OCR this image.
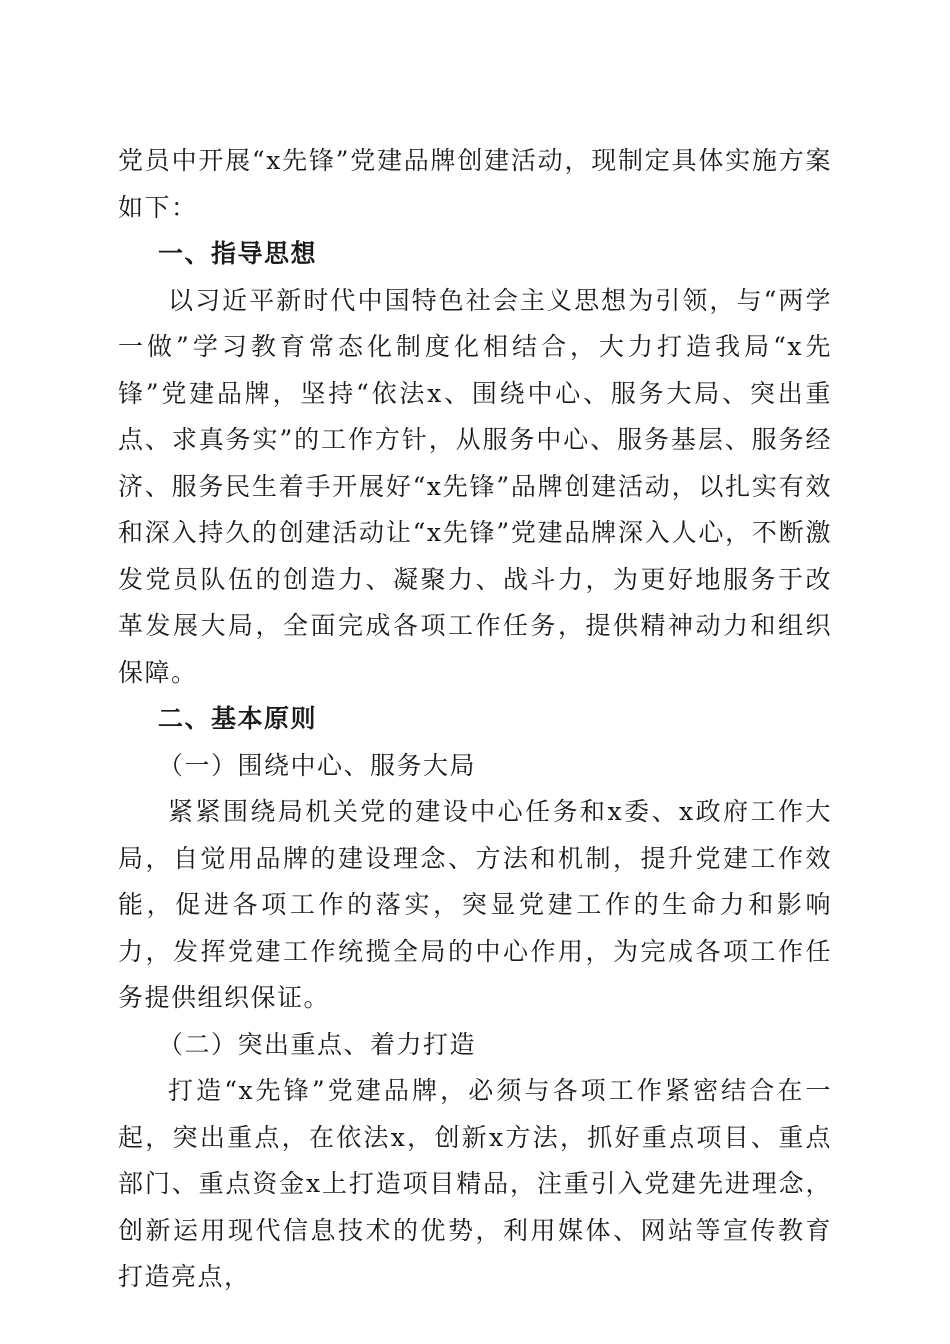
党员中开展“x先锋”党建品牌创建活动，现制定具体实施方案如下：

一、指导思想

以习近平新时代中国特色社会主义思想为引领，与“两学一做”学习教育常态化制度化相结合，大力打造我局“x先锋”党建品牌，坚持“依法x、围绕中心、服务大局、突出重点、求真务实”的工作方针，从服务中心、服务基层、服务经济、服务民生着手开展好“x先锋”品牌创建活动，以扎实有效和深入持久的创建活动让“x先锋”党建品牌深入人心，不断激发党员队伍的创造力、凝聚力、战斗力，为更好地服务于改革发展大局，全面完成各项工作任务，提供精神动力和组织保障。

二、基本原则

（一）围绕中心、服务大局

紧紧围绕局机关党的建设中心任务和x委、x政府工作大局，自觉用品牌的建设理念、方法和机制，提升党建工作效能，促进各项工作的落实，突显党建工作的生命力和影响力，发挥党建工作统揽全局的中心作用，为完成各项工作任务提供组织保证。

（二）突出重点、着力打造

打造“x先锋”党建品牌，必须与各项工作紧密结合在一起，突出重点，在依法x，创新x方法，抓好重点项目、重点部门、重点资金x上打造项目精品，注重引入党建先进理念，创新运用现代信息技术的优势，利用媒体、网站等宣传教育打造亮点，
